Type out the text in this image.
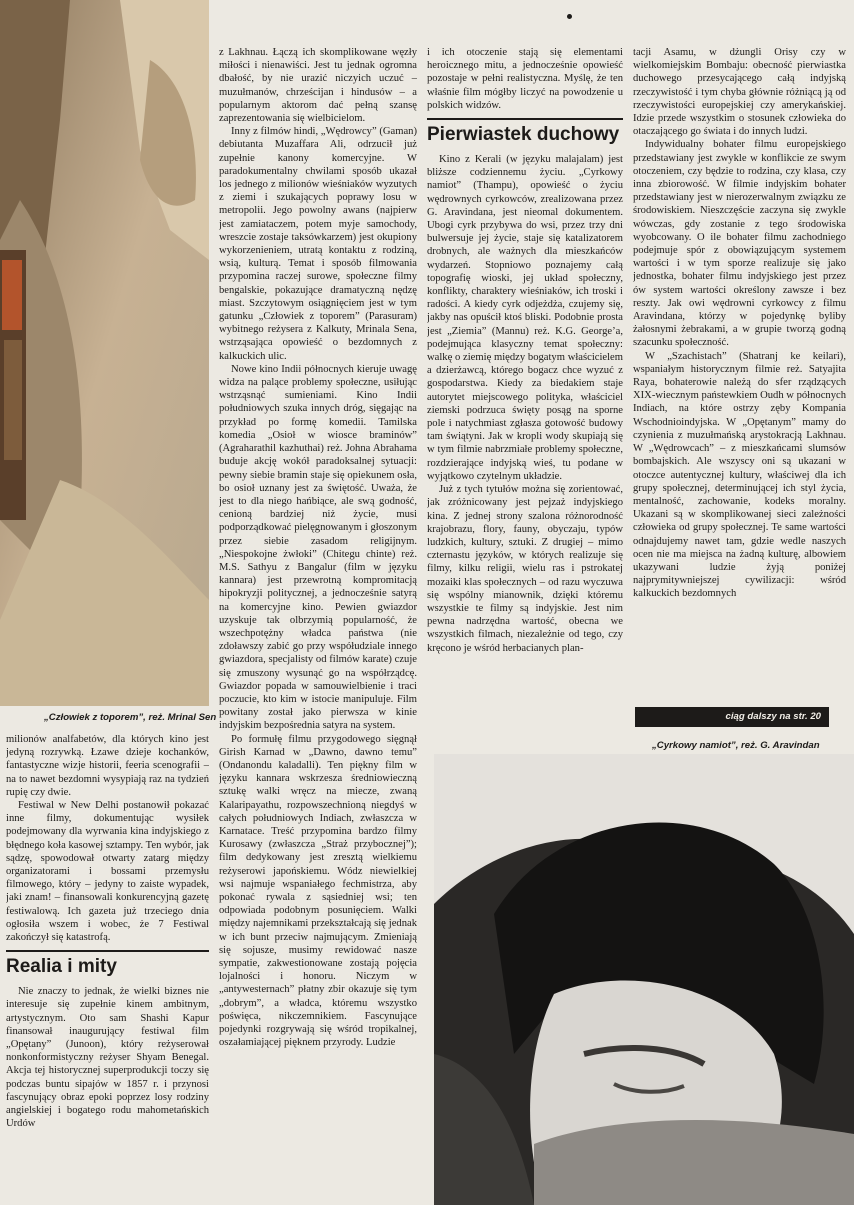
„Człowiek z toporem”, reż. Mrinal Sen

milionów analfabetów, dla których kino jest jedyną rozrywką. Łzawe dzieje kochanków, fantastyczne wizje historii, feeria scenografii – na to nawet bezdomni wysypiają raz na tydzień rupię czy dwie.

Festiwal w New Delhi postanowił pokazać inne filmy, dokumentując wysiłek podejmowany dla wyrwania kina indyjskiego z błędnego koła kasowej sztampy. Ten wybór, jak sądzę, spowodował otwarty zatarg między organizatorami i bossami przemysłu filmowego, który – jedyny to zaiste wypadek, jaki znam! – finansowali konkurencyjną gazetę festiwalową. Ich gazeta już trzeciego dnia ogłosiła wszem i wobec, że 7 Festiwal zakończył się katastrofą.

Realia i mity

Nie znaczy to jednak, że wielki biznes nie interesuje się zupełnie kinem ambitnym, artystycznym. Oto sam Shashi Kapur finansował inaugurujący festiwal film „Opętany” (Junoon), który reżyserował nonkonformistyczny reżyser Shyam Benegal. Akcja tej historycznej superprodukcji toczy się podczas buntu sipajów w 1857 r. i przynosi fascynujący obraz epoki poprzez losy rodziny angielskiej i bogatego rodu mahometańskich Urdów

z Lakhnau. Łączą ich skomplikowane węzły miłości i nienawiści. Jest tu jednak ogromna dbałość, by nie urazić niczyich uczuć – muzułmanów, chrześcijan i hindusów – a popularnym aktorom dać pełną szansę zaprezentowania się wielbicielom.

Inny z filmów hindi, „Wędrowcy” (Gaman) debiutanta Muzaffara Ali, odrzucił już zupełnie kanony komercyjne. W paradokumentalny chwilami sposób ukazał los jednego z milionów wieśniaków wyzutych z ziemi i szukających poprawy losu w metropolii. Jego powolny awans (najpierw jest zamiataczem, potem myje samochody, wreszcie zostaje taksówkarzem) jest okupiony wykorzenieniem, utratą kontaktu z rodziną, wsią, kulturą. Temat i sposób filmowania przypomina raczej surowe, społeczne filmy bengalskie, pokazujące dramatyczną nędzę miast. Szczytowym osiągnięciem jest w tym gatunku „Człowiek z toporem” (Parasuram) wybitnego reżysera z Kalkuty, Mrinala Sena, wstrząsająca opowieść o bezdomnych z kalkuckich ulic.

Nowe kino Indii północnych kieruje uwagę widza na palące problemy społeczne, usiłując wstrząsnąć sumieniami. Kino Indii południowych szuka innych dróg, sięgając na przykład po formę komedii. Tamilska komedia „Osioł w wiosce braminów” (Agraharathil kazhuthai) reż. Johna Abrahama buduje akcję wokół paradoksalnej sytuacji: pewny siebie bramin staje się opiekunem osła, bo osioł uznany jest za świętość. Uważa, że jest to dla niego hańbiące, ale swą godność, cenioną bardziej niż życie, musi podporządkować pielęgnowanym i głoszonym przez siebie zasadom religijnym. „Niespokojne żwłoki” (Chitegu chinte) reż. M.S. Sathyu z Bangalur (film w języku kannara) jest przewrotną kompromitacją hipokryzji politycznej, a jednocześnie satyrą na komercyjne kino. Pewien gwiazdor uzyskuje tak olbrzymią popularność, że wszechpotężny władca państwa (nie zdoławszy zabić go przy współudziale innego gwiazdora, specjalisty od filmów karate) czuje się zmuszony wysunąć go na współrządcę. Gwiazdor popada w samouwielbienie i traci poczucie, kto kim w istocie manipuluje. Film powitany został jako pierwsza w kinie indyjskim bezpośrednia satyra na system.

Po formułę filmu przygodowego sięgnął Girish Karnad w „Dawno, dawno temu” (Ondanondu kaladalli). Ten piękny film w języku kannara wskrzesza średniowieczną sztukę walki wręcz na miecze, zwaną Kalaripayathu, rozpowszechnioną niegdyś w całych południowych Indiach, zwłaszcza w Karnatace. Treść przypomina bardzo filmy Kurosawy (zwłaszcza „Straż przybocznej”); film dedykowany jest zresztą wielkiemu reżyserowi japońskiemu. Wódz niewielkiej wsi najmuje wspaniałego fechmistrza, aby pokonać rywala z sąsiedniej wsi; ten odpowiada podobnym posunięciem. Walki między najemnikami przekształcają się jednak w ich bunt przeciw najmującym. Zmieniają się sojusze, musimy rewidować nasze sympatie, zakwestionowane zostają pojęcia lojalności i honoru. Niczym w „antywesternach” płatny zbir okazuje się tym „dobrym”, a władca, któremu wszystko poświęca, nikczemnikiem. Fascynujące pojedynki rozgrywają się wśród tropikalnej, oszałamiającej pięknem przyrody. Ludzie

i ich otoczenie stają się elementami heroicznego mitu, a jednocześnie opowieść pozostaje w pełni realistyczna. Myślę, że ten właśnie film mógłby liczyć na powodzenie u polskich widzów.

Pierwiastek duchowy

Kino z Kerali (w języku malajalam) jest bliższe codziennemu życiu. „Cyrkowy namiot” (Thampu), opowieść o życiu wędrownych cyrkowców, zrealizowana przez G. Aravindana, jest nieomal dokumentem. Ubogi cyrk przybywa do wsi, przez trzy dni bulwersuje jej życie, staje się katalizatorem drobnych, ale ważnych dla mieszkańców wydarzeń. Stopniowo poznajemy całą topografię wioski, jej układ społeczny, konflikty, charaktery wieśniaków, ich troski i radości. A kiedy cyrk odjeżdża, czujemy się, jakby nas opuścił ktoś bliski. Podobnie prosta jest „Ziemia” (Mannu) reż. K.G. George’a, podejmująca klasyczny temat społeczny: walkę o ziemię między bogatym właścicielem a dzierżawcą, którego bogacz chce wyzuć z gospodarstwa. Kiedy za biedakiem staje autorytet miejscowego polityka, właściciel ziemski podrzuca święty posąg na sporne pole i natychmiast zgłasza gotowość budowy tam świątyni. Jak w kropli wody skupiają się w tym filmie nabrzmiałe problemy społeczne, rozdzierające indyjską wieś, tu podane w wyjątkowo czytelnym układzie.

Już z tych tytułów można się zorientować, jak zróżnicowany jest pejzaż indyjskiego kina. Z jednej strony szalona różnorodność krajobrazu, flory, fauny, obyczaju, typów ludzkich, kultury, sztuki. Z drugiej – mimo czternastu języków, w których realizuje się filmy, kilku religii, wielu ras i pstrokatej mozaiki klas społecznych – od razu wyczuwa się wspólny mianownik, dzięki któremu wszystkie te filmy są indyjskie. Jest nim pewna nadrzędna wartość, obecna we wszystkich filmach, niezależnie od tego, czy kręcono je wśród herbacianych plan-

tacji Asamu, w dżungli Orisy czy w wielkomiejskim Bombaju: obecność pierwiastka duchowego przesycającego całą indyjską rzeczywistość i tym chyba głównie różniącą ją od rzeczywistości europejskiej czy amerykańskiej. Idzie przede wszystkim o stosunek człowieka do otaczającego go świata i do innych ludzi.

Indywidualny bohater filmu europejskiego przedstawiany jest zwykle w konflikcie ze swym otoczeniem, czy będzie to rodzina, czy klasa, czy inna zbiorowość. W filmie indyjskim bohater przedstawiany jest w nierozerwalnym związku ze środowiskiem. Nieszczęście zaczyna się zwykle wówczas, gdy zostanie z tego środowiska wyobcowany. O ile bohater filmu zachodniego podejmuje spór z obowiązującym systemem wartości i w tym sporze realizuje się jako jednostka, bohater filmu indyjskiego jest przez ów system wartości określony zawsze i bez reszty. Jak owi wędrowni cyrkowcy z filmu Aravindana, którzy w pojedynkę byliby żałosnymi żebrakami, a w grupie tworzą godną szacunku społeczność.

W „Szachistach” (Shatranj ke keilari), wspaniałym historycznym filmie reż. Satyajita Raya, bohaterowie należą do sfer rządzących XIX-wiecznym państewkiem Oudh w północnych Indiach, na które ostrzy zęby Kompania Wschodnioindyjska. W „Opętanym” mamy do czynienia z muzułmańską arystokracją Lakhnau. W „Wędrowcach” – z mieszkańcami slumsów bombajskich. Ale wszyscy oni są ukazani w otoczce autentycznej kultury, właściwej dla ich grupy społecznej, determinującej ich styl życia, mentalność, zachowanie, kodeks moralny. Ukazani są w skomplikowanej sieci zależności człowieka od grupy społecznej. Te same wartości odnajdujemy nawet tam, gdzie wedle naszych ocen nie ma miejsca na żadną kulturę, albowiem ukazywani ludzie żyją poniżej najprymitywniejszej cywilizacji: wśród kalkuckich bezdomnych

ciąg dalszy na str. 20
„Cyrkowy namiot”, reż. G. Aravindan
